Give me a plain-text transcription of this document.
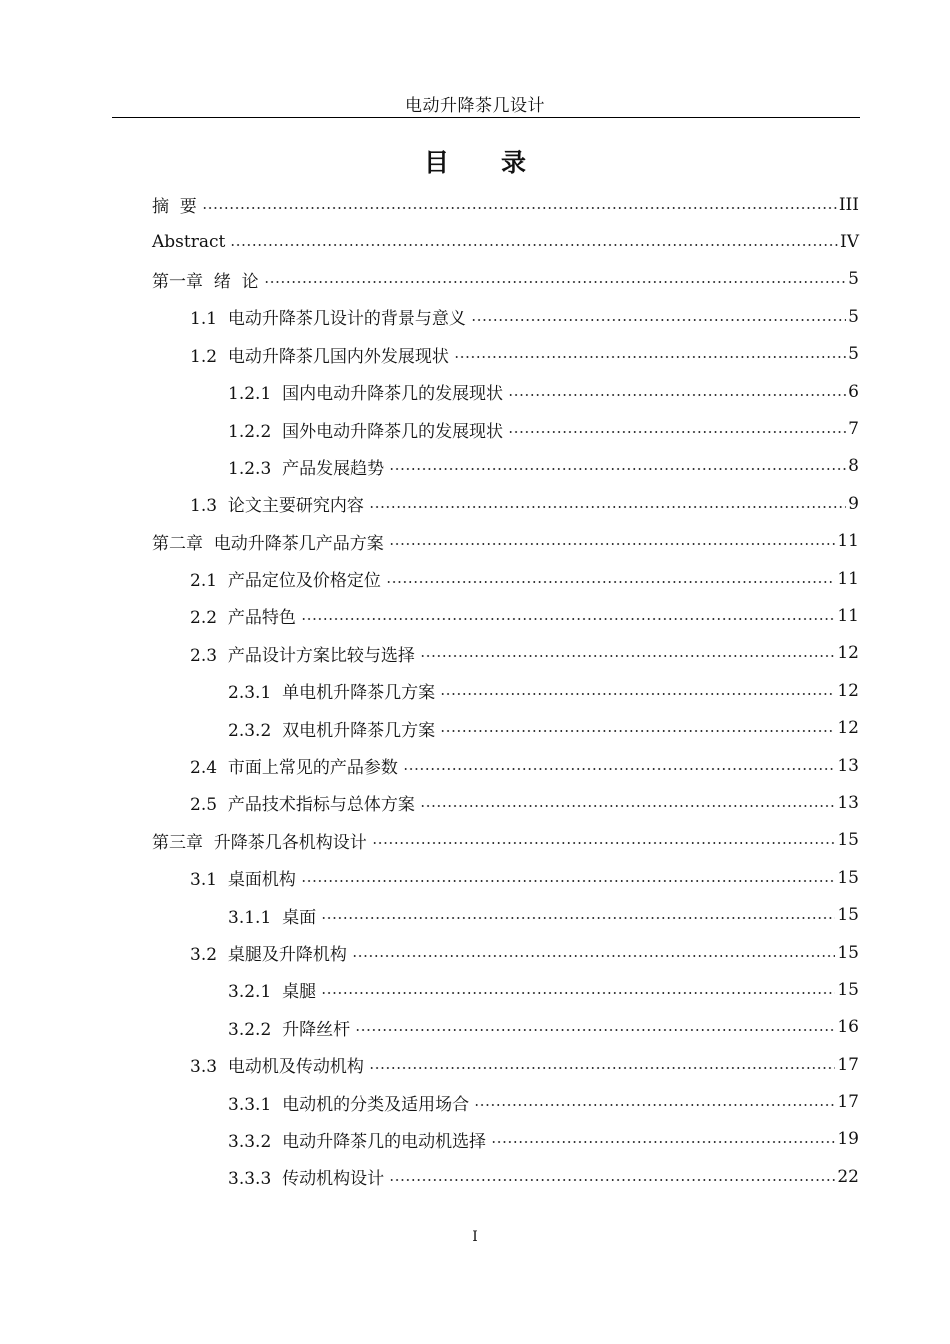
电动升降茶几设计
目 录
摘  要	III
Abstract	IV
第一章  绪  论	5
1.1  电动升降茶几设计的背景与意义	5
1.2  电动升降茶几国内外发展现状	5
1.2.1  国内电动升降茶几的发展现状	6
1.2.2  国外电动升降茶几的发展现状	7
1.2.3  产品发展趋势	8
1.3  论文主要研究内容	9
第二章  电动升降茶几产品方案	11
2.1  产品定位及价格定位	11
2.2  产品特色	11
2.3  产品设计方案比较与选择	12
2.3.1  单电机升降茶几方案	12
2.3.2  双电机升降茶几方案	12
2.4  市面上常见的产品参数	13
2.5  产品技术指标与总体方案	13
第三章  升降茶几各机构设计	15
3.1  桌面机构	15
3.1.1  桌面	15
3.2  桌腿及升降机构	15
3.2.1  桌腿	15
3.2.2  升降丝杆	16
3.3  电动机及传动机构	17
3.3.1  电动机的分类及适用场合	17
3.3.2  电动升降茶几的电动机选择	19
3.3.3  传动机构设计	22
I
